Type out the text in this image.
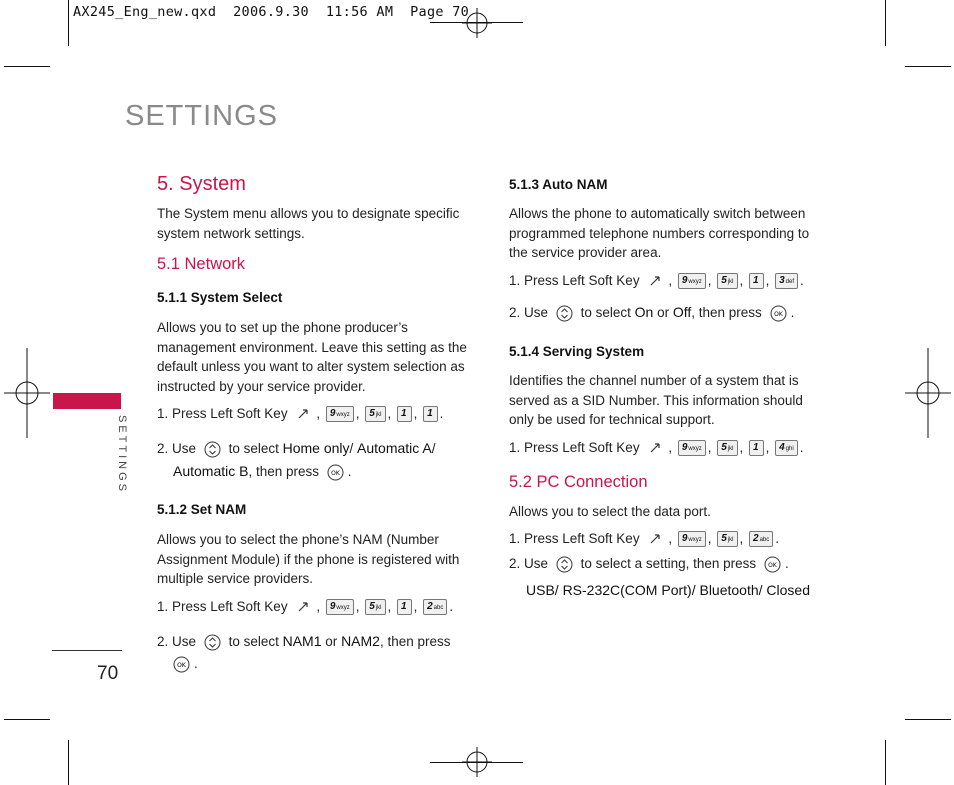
AX245_Eng_new.qxd  2006.9.30  11:56 AM  Page 70
SETTINGS
SETTINGS
70
5. System

The System menu allows you to designate specific system network settings.

5.1 Network
5.1.1 System Select

Allows you to set up the phone producer’s management environment. Leave this setting as the default unless you want to alter system selection as instructed by your service provider.

1. Press Left Soft Key , 9wxyz , 5jkl , 1 , 1 .
2. Use to select Home only/ Automatic A/
Automatic B, then press OK .
5.1.2 Set NAM

Allows you to select the phone’s NAM (Number Assignment Module) if the phone is registered with multiple service providers.

1. Press Left Soft Key , 9wxyz , 5jkl , 1 , 2abc .
2. Use to select NAM1 or NAM2, then press
OK .
5.1.3 Auto NAM

Allows the phone to automatically switch between programmed telephone numbers corresponding to the service provider area.

1. Press Left Soft Key , 9wxyz , 5jkl , 1 , 3def .
2. Use to select On or Off, then press OK .
5.1.4 Serving System

Identifies the channel number of a system that is served as a SID Number. This information should only be used for technical support.

1. Press Left Soft Key , 9wxyz , 5jkl , 1 , 4ghi .
5.2 PC Connection

Allows you to select the data port.

1. Press Left Soft Key , 9wxyz , 5jkl , 2abc .
2. Use to select a setting, then press OK .
USB/ RS-232C(COM Port)/ Bluetooth/ Closed
